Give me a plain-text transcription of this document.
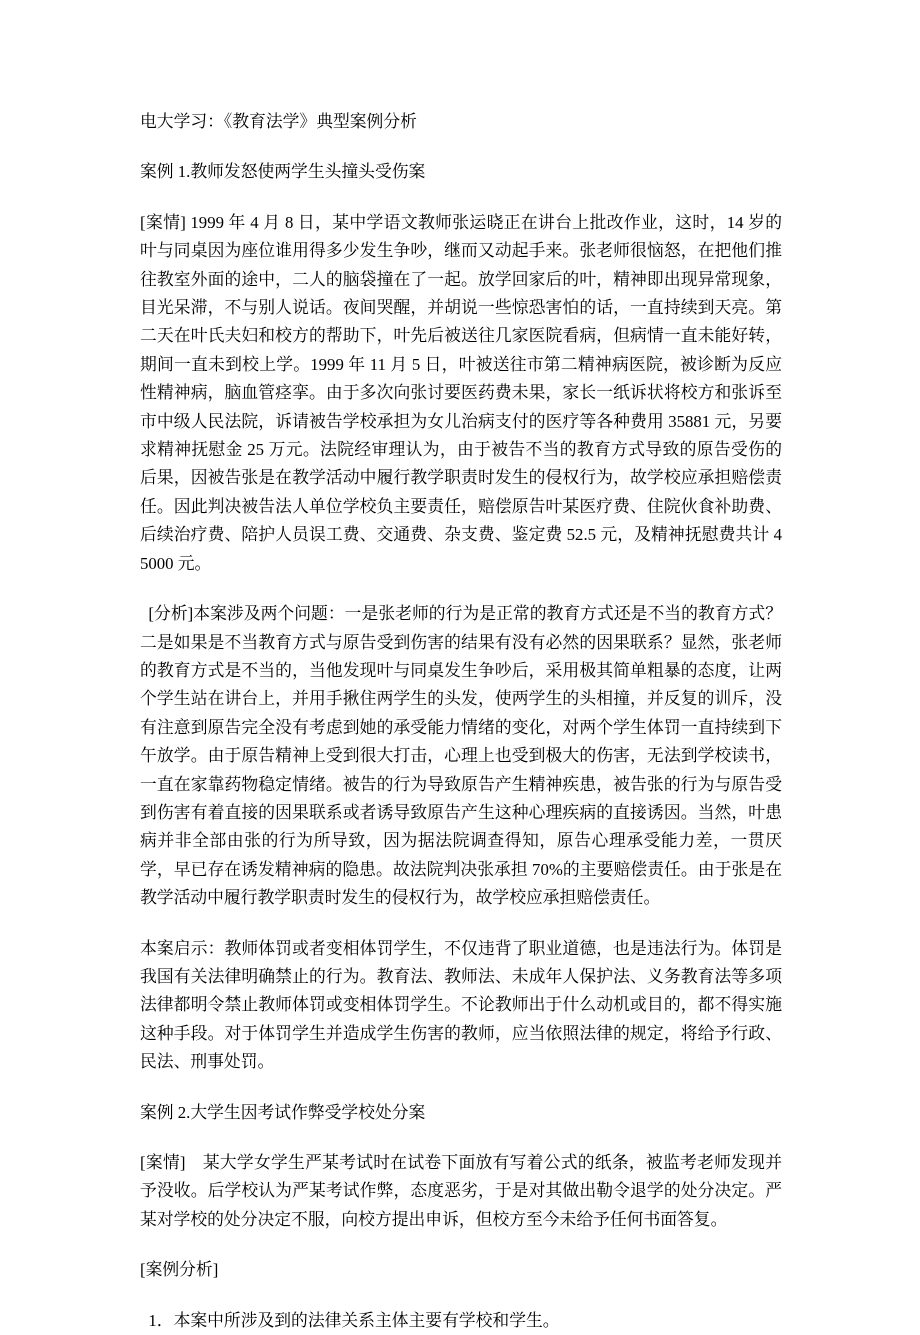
电大学习：《教育法学》典型案例分析

案例 1.教师发怒使两学生头撞头受伤案

[案情] 1999 年 4 月 8 日，某中学语文教师张运晓正在讲台上批改作业，这时，14 岁的叶与同桌因为座位谁用得多少发生争吵，继而又动起手来。张老师很恼怒，在把他们推往教室外面的途中，二人的脑袋撞在了一起。放学回家后的叶，精神即出现异常现象，目光呆滞，不与别人说话。夜间哭醒，并胡说一些惊恐害怕的话，一直持续到天亮。第二天在叶氏夫妇和校方的帮助下，叶先后被送往几家医院看病，但病情一直未能好转，期间一直未到校上学。1999 年 11 月 5 日，叶被送往市第二精神病医院，被诊断为反应性精神病，脑血管痉挛。由于多次向张讨要医药费未果，家长一纸诉状将校方和张诉至市中级人民法院，诉请被告学校承担为女儿治病支付的医疗等各种费用 35881 元，另要求精神抚慰金 25 万元。法院经审理认为，由于被告不当的教育方式导致的原告受伤的后果，因被告张是在教学活动中履行教学职责时发生的侵权行为，故学校应承担赔偿责任。因此判决被告法人单位学校负主要责任，赔偿原告叶某医疗费、住院伙食补助费、后续治疗费、陪护人员误工费、交通费、杂支费、鉴定费 52.5 元，及精神抚慰费共计 45000 元。

[分析]本案涉及两个问题：一是张老师的行为是正常的教育方式还是不当的教育方式？二是如果是不当教育方式与原告受到伤害的结果有没有必然的因果联系？显然，张老师的教育方式是不当的，当他发现叶与同桌发生争吵后，采用极其简单粗暴的态度，让两个学生站在讲台上，并用手揪住两学生的头发，使两学生的头相撞，并反复的训斥，没有注意到原告完全没有考虑到她的承受能力情绪的变化，对两个学生体罚一直持续到下午放学。由于原告精神上受到很大打击，心理上也受到极大的伤害，无法到学校读书，一直在家靠药物稳定情绪。被告的行为导致原告产生精神疾患，被告张的行为与原告受到伤害有着直接的因果联系或者诱导致原告产生这种心理疾病的直接诱因。当然，叶患病并非全部由张的行为所导致，因为据法院调查得知，原告心理承受能力差，一贯厌学，早已存在诱发精神病的隐患。故法院判决张承担 70%的主要赔偿责任。由于张是在教学活动中履行教学职责时发生的侵权行为，故学校应承担赔偿责任。

本案启示：教师体罚或者变相体罚学生，不仅违背了职业道德，也是违法行为。体罚是我国有关法律明确禁止的行为。教育法、教师法、未成年人保护法、义务教育法等多项法律都明令禁止教师体罚或变相体罚学生。不论教师出于什么动机或目的，都不得实施这种手段。对于体罚学生并造成学生伤害的教师，应当依照法律的规定，将给予行政、民法、刑事处罚。

案例 2.大学生因考试作弊受学校处分案

[案情]　某大学女学生严某考试时在试卷下面放有写着公式的纸条，被监考老师发现并予没收。后学校认为严某考试作弊，态度恶劣，于是对其做出勒令退学的处分决定。严某对学校的处分决定不服，向校方提出申诉，但校方至今未给予任何书面答复。

[案例分析]

1．本案中所涉及到的法律关系主体主要有学校和学生。
